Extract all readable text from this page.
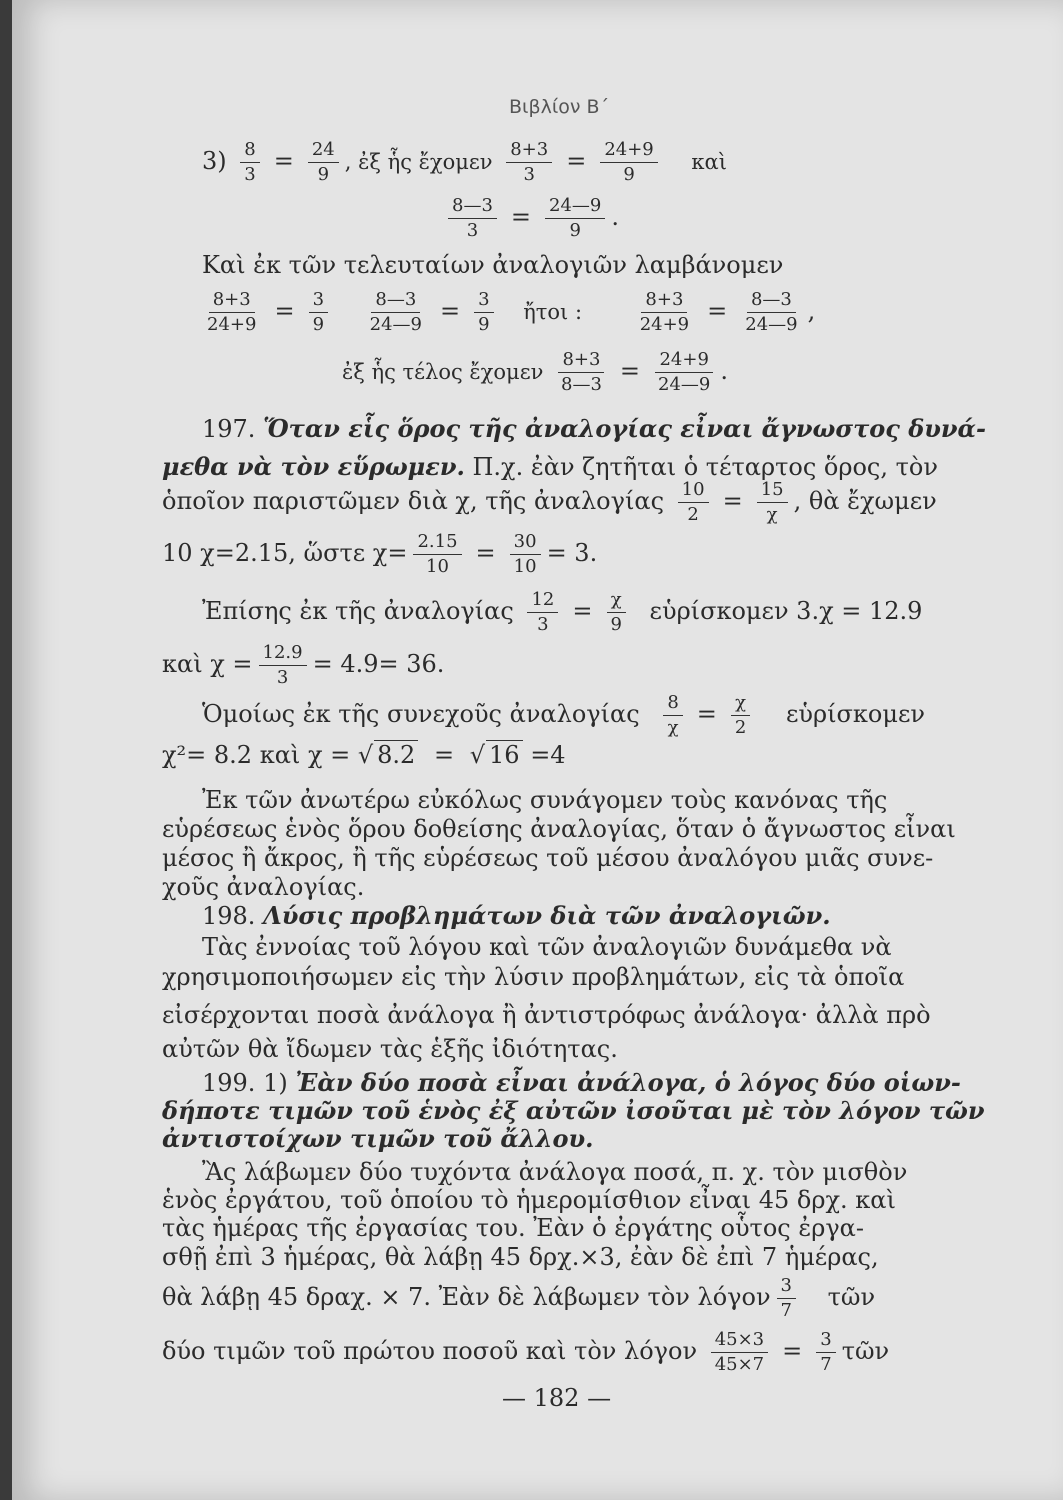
Βιβλίον Β΄
$3) \frac{8}{3} = \frac{24}{9}$ , ἐξ ἧς ἔχομεν $\frac{8+3}{3} = \frac{24+9}{9}$ καὶ
$\frac{8—3}{3} = \frac{24—9}{9}$ .
Καὶ ἐκ τῶν τελευταίων ἀναλογιῶν λαμβάνομεν
$\frac{8+3}{24+9} = \frac{3}{9}$
$\frac{8—3}{24—9} = \frac{3}{9}$ ἤτοι :	$\frac{8+3}{24+9} = \frac{8—3}{24—9}$ ,
ἐξ ἧς τέλος ἔχομεν $\frac{8+3}{8—3} = \frac{24+9}{24—9}$ .
197. Ὅταν εἷς ὅρος τῆς ἀναλογίας εἶναι ἄγνωστος δυνά-
μεθα νὰ τὸν εὕρωμεν. Π.χ. ἐὰν ζητῆται ὁ τέταρτος ὅρος, τὸν
ὁποῖον παριστῶμεν διὰ χ, τῆς ἀναλογίας $\frac{10}{2} = \frac{15}{\chi}$ , θὰ ἔχωμεν
10 χ=2.15, ὥστε $\chi= \frac{2.15}{10} = \frac{30}{10} = 3$.
Ἐπίσης ἐκ τῆς ἀναλογίας $\frac{12}{3} = \frac{\chi}{9}$ εὑρίσκομεν 3.χ = 12.9
καὶ $\chi = \frac{12.9}{3} = 4.9= 36$.
Ὁμοίως ἐκ τῆς συνεχοῦς ἀναλογίας $\frac{8}{\chi} = \frac{\chi}{2}$ εὑρίσκομεν
χ²= 8.2 καὶ χ = √ 8.2 = √ 16 =4
Ἐκ τῶν ἀνωτέρω εὐκόλως συνάγομεν τοὺς κανόνας τῆς
εὑρέσεως ἑνὸς ὅρου δοθείσης ἀναλογίας, ὅταν ὁ ἄγνωστος εἶναι
μέσος ἢ ἄκρος, ἢ τῆς εὑρέσεως τοῦ μέσου ἀναλόγου μιᾶς συνε-
χοῦς ἀναλογίας.
198. Λύσις προβλημάτων διὰ τῶν ἀναλογιῶν.
Τὰς ἐννοίας τοῦ λόγου καὶ τῶν ἀναλογιῶν δυνάμεθα νὰ
χρησιμοποιήσωμεν εἰς τὴν λύσιν προβλημάτων, εἰς τὰ ὁποῖα
εἰσέρχονται ποσὰ ἀνάλογα ἢ ἀντιστρόφως ἀνάλογα· ἀλλὰ πρὸ
αὐτῶν θὰ ἴδωμεν τὰς ἑξῆς ἰδιότητας.
199. 1) Ἐὰν δύο ποσὰ εἶναι ἀνάλογα, ὁ λόγος δύο οἱων-
δήποτε τιμῶν τοῦ ἑνὸς ἐξ αὐτῶν ἰσοῦται μὲ τὸν λόγον τῶν
ἀντιστοίχων τιμῶν τοῦ ἄλλου.
Ἂς λάβωμεν δύο τυχόντα ἀνάλογα ποσά, π. χ. τὸν μισθὸν
ἑνὸς ἐργάτου, τοῦ ὁποίου τὸ ἡμερομίσθιον εἶναι 45 δρχ. καὶ
τὰς ἡμέρας τῆς ἐργασίας του. Ἐὰν ὁ ἐργάτης οὗτος ἐργα-
σθῇ ἐπὶ 3 ἡμέρας, θὰ λάβῃ 45 δρχ.×3, ἐὰν δὲ ἐπὶ 7 ἡμέρας,
θὰ λάβῃ 45 δραχ. × 7. Ἐὰν δὲ λάβωμεν τὸν λόγον $\frac{3}{7}$ τῶν
δύο τιμῶν τοῦ πρώτου ποσοῦ καὶ τὸν λόγον $\frac{45\times 3}{45\times 7} = \frac{3}{7}$ τῶν
— 182 —
